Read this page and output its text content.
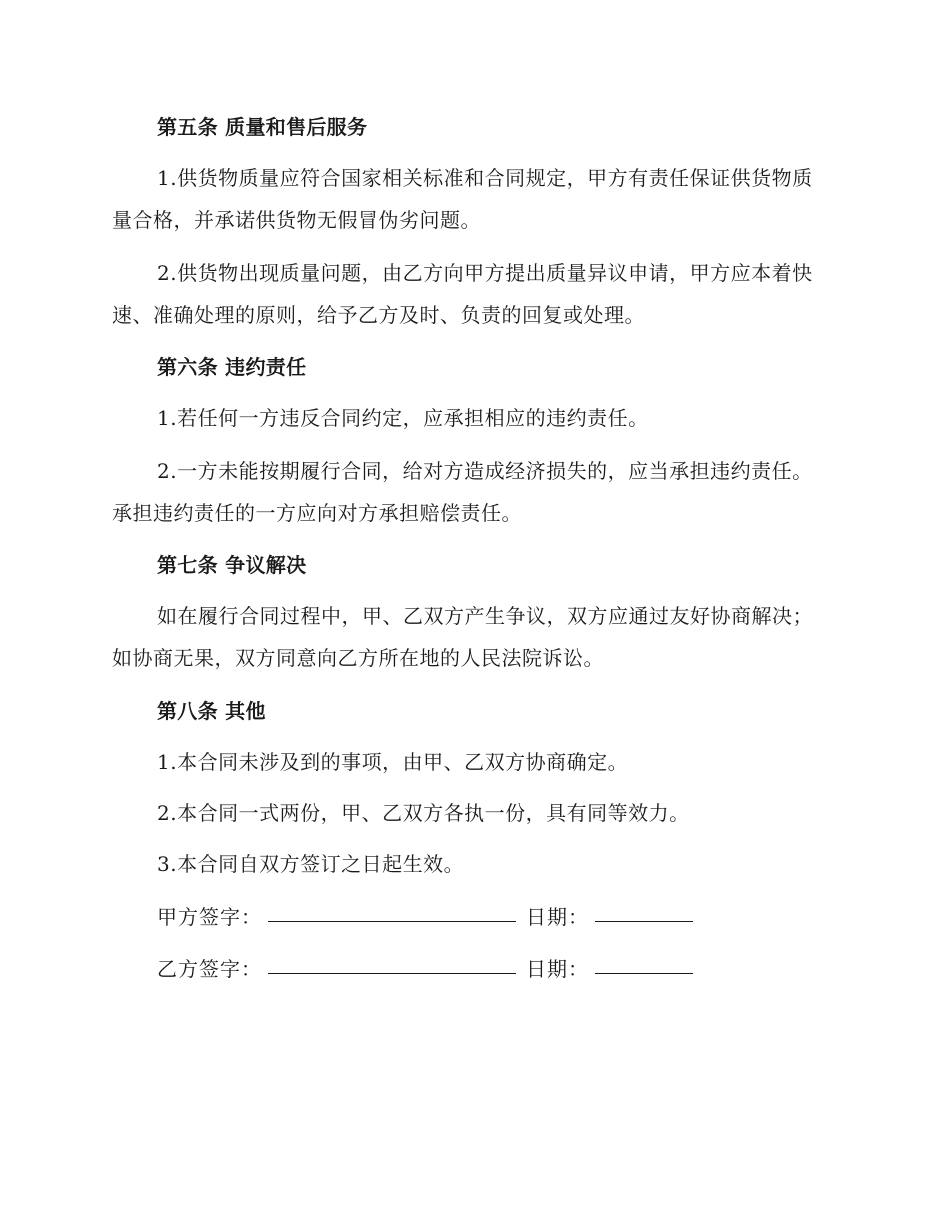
第五条 质量和售后服务

1.供货物质量应符合国家相关标准和合同规定，甲方有责任保证供货物质量合格，并承诺供货物无假冒伪劣问题。

2.供货物出现质量问题，由乙方向甲方提出质量异议申请，甲方应本着快速、准确处理的原则，给予乙方及时、负责的回复或处理。

第六条 违约责任

1.若任何一方违反合同约定，应承担相应的违约责任。

2.一方未能按期履行合同，给对方造成经济损失的，应当承担违约责任。承担违约责任的一方应向对方承担赔偿责任。

第七条 争议解决

如在履行合同过程中，甲、乙双方产生争议，双方应通过友好协商解决；如协商无果，双方同意向乙方所在地的人民法院诉讼。

第八条 其他

1.本合同未涉及到的事项，由甲、乙双方协商确定。

2.本合同一式两份，甲、乙双方各执一份，具有同等效力。

3.本合同自双方签订之日起生效。

甲方签字：	日期：
乙方签字：	日期：
